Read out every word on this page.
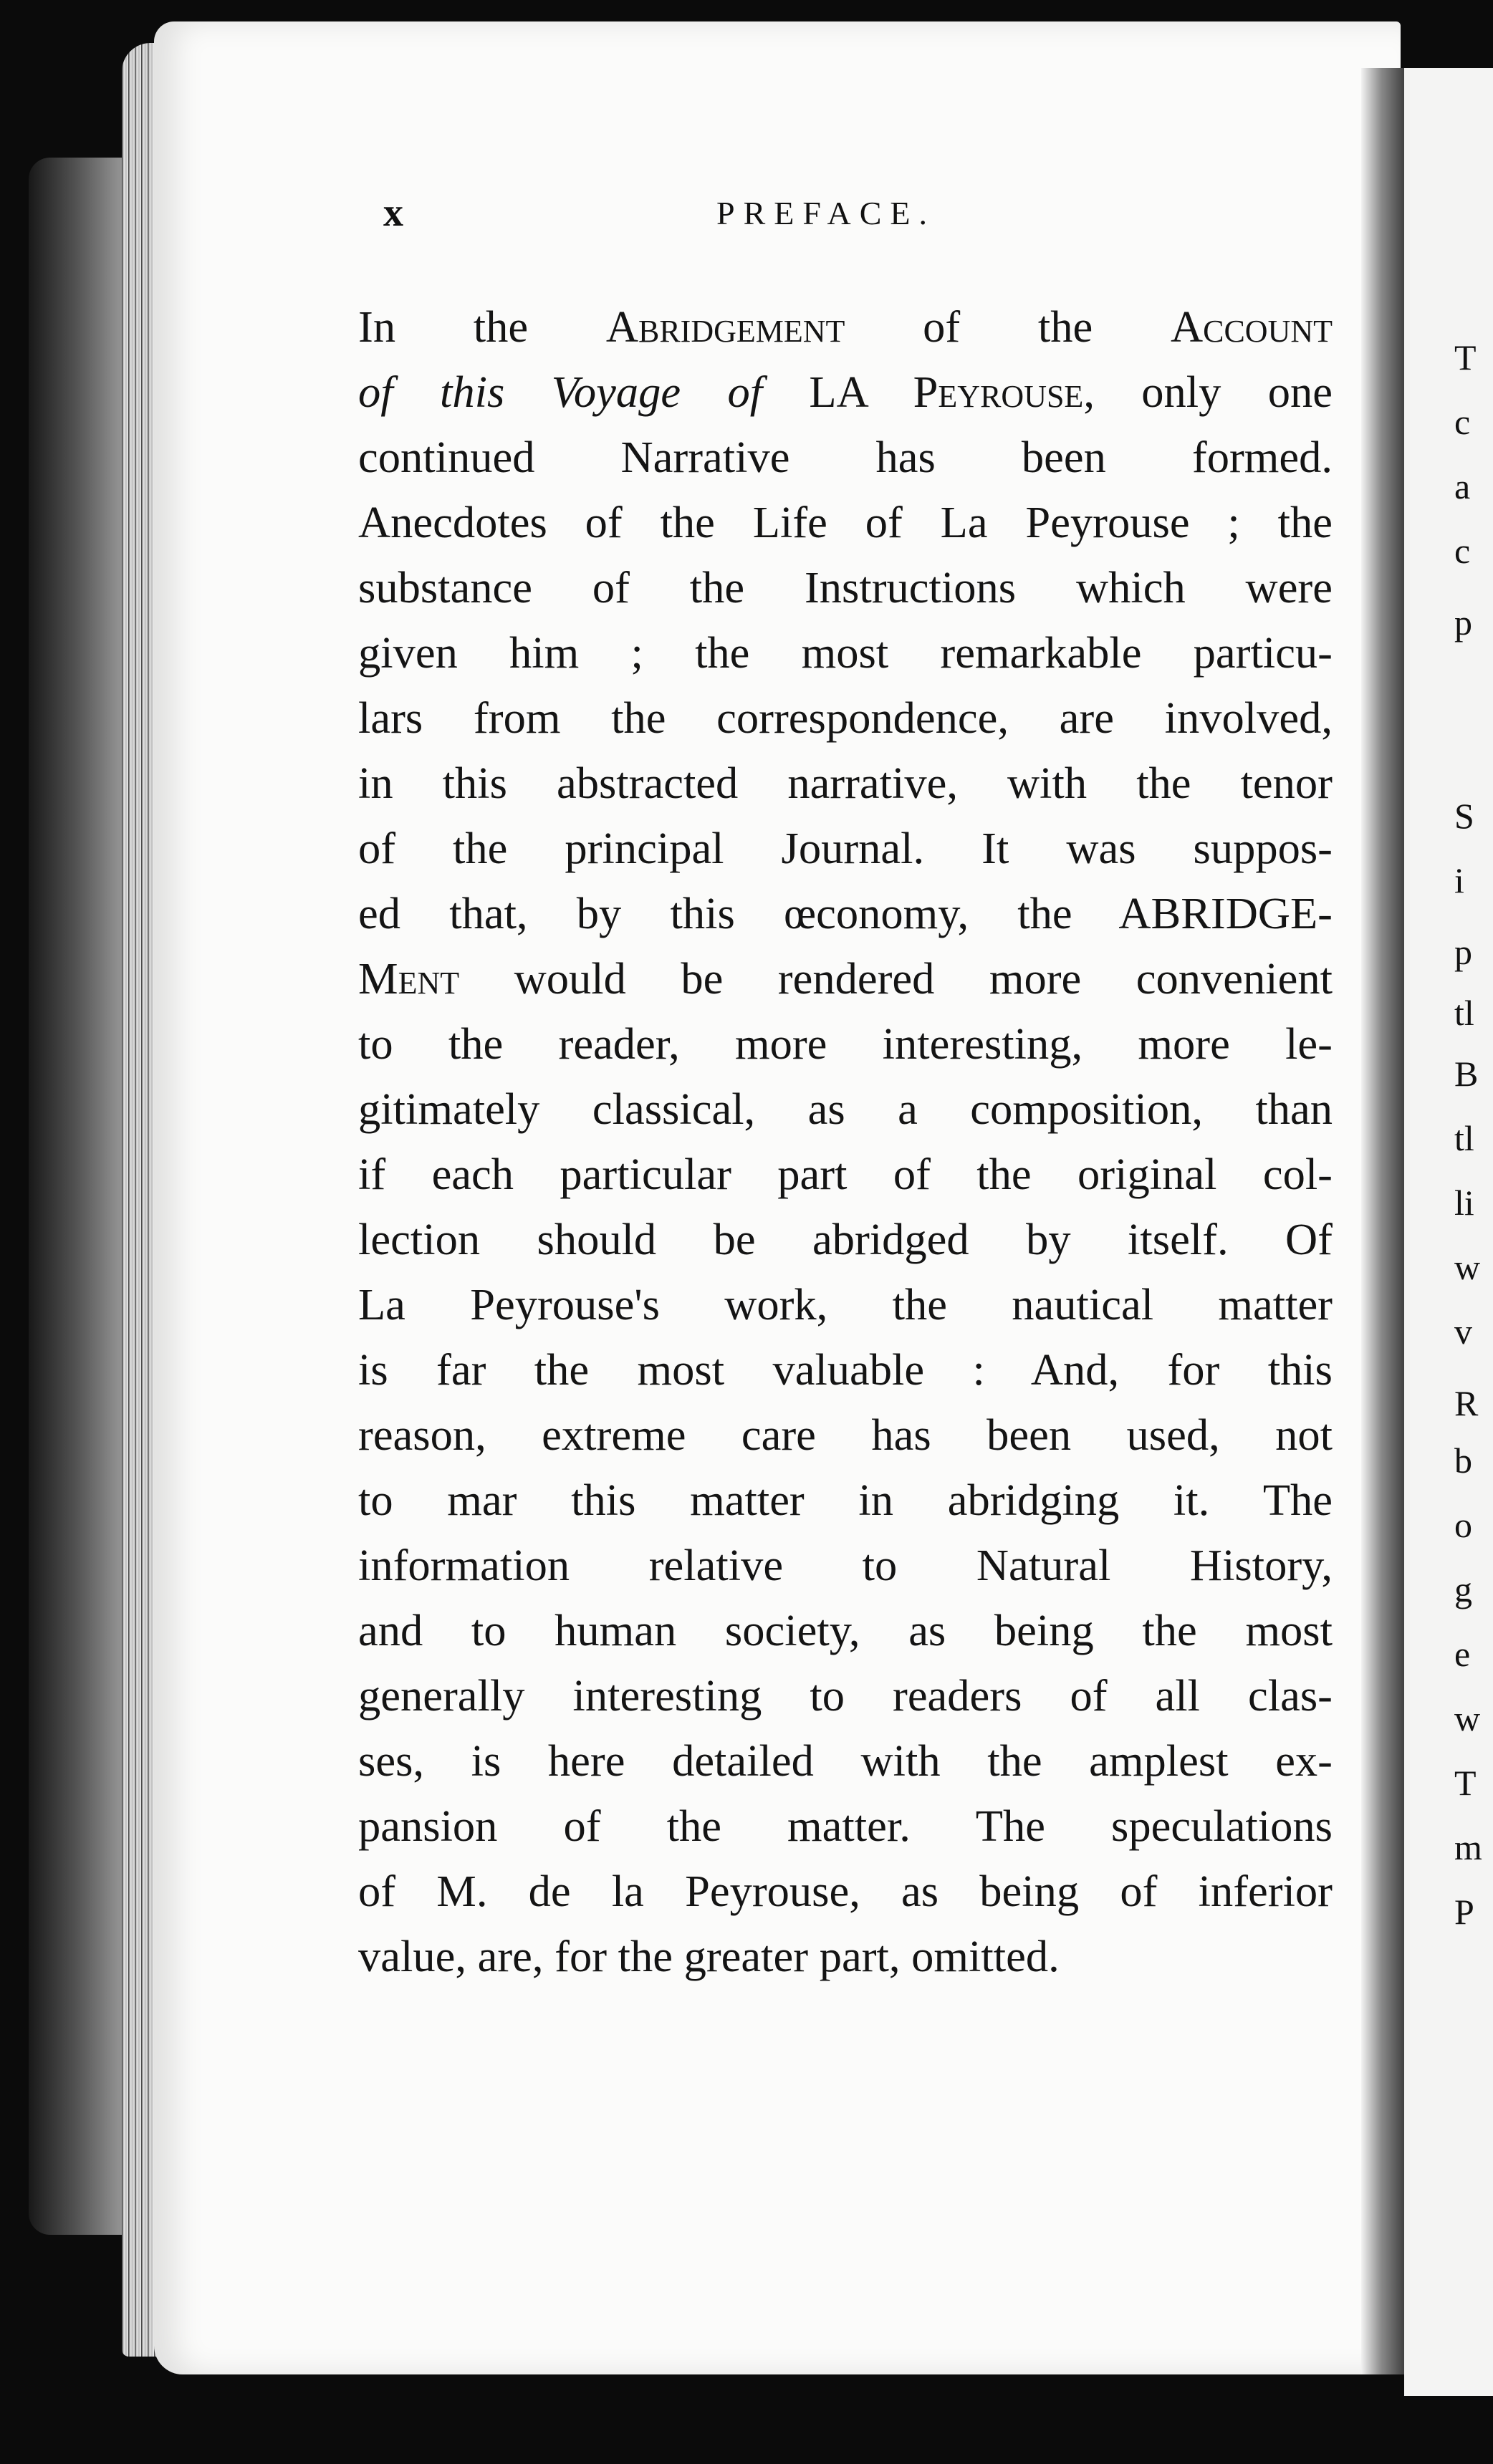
x	PREFACE.
In the Abridgement of the Account
of this Voyage of LA Peyrouse, only one
continued Narrative has been formed.
Anecdotes of the Life of La Peyrouse ; the
substance of the Instructions which were
given him ; the most remarkable particu-
lars from the correspondence, are involved,
in this abstracted narrative, with the tenor
of the principal Journal. It was suppos-
ed that, by this œconomy, the ABRIDGE-
Ment would be rendered more convenient
to the reader, more interesting, more le-
gitimately classical, as a composition, than
if each particular part of the original col-
lection should be abridged by itself. Of
La Peyrouse's work, the nautical matter
is far the most valuable : And, for this
reason, extreme care has been used, not
to mar this matter in abridging it. The
information relative to Natural History,
and to human society, as being the most
generally interesting to readers of all clas-
ses, is here detailed with the amplest ex-
pansion of the matter. The speculations
of M. de la Peyrouse, as being of inferior
value, are, for the greater part, omitted.
T
c
a
c
p
S
i
p
tl
B
tl
li
w
v
R
b
o
g
e
w
T
m
P
